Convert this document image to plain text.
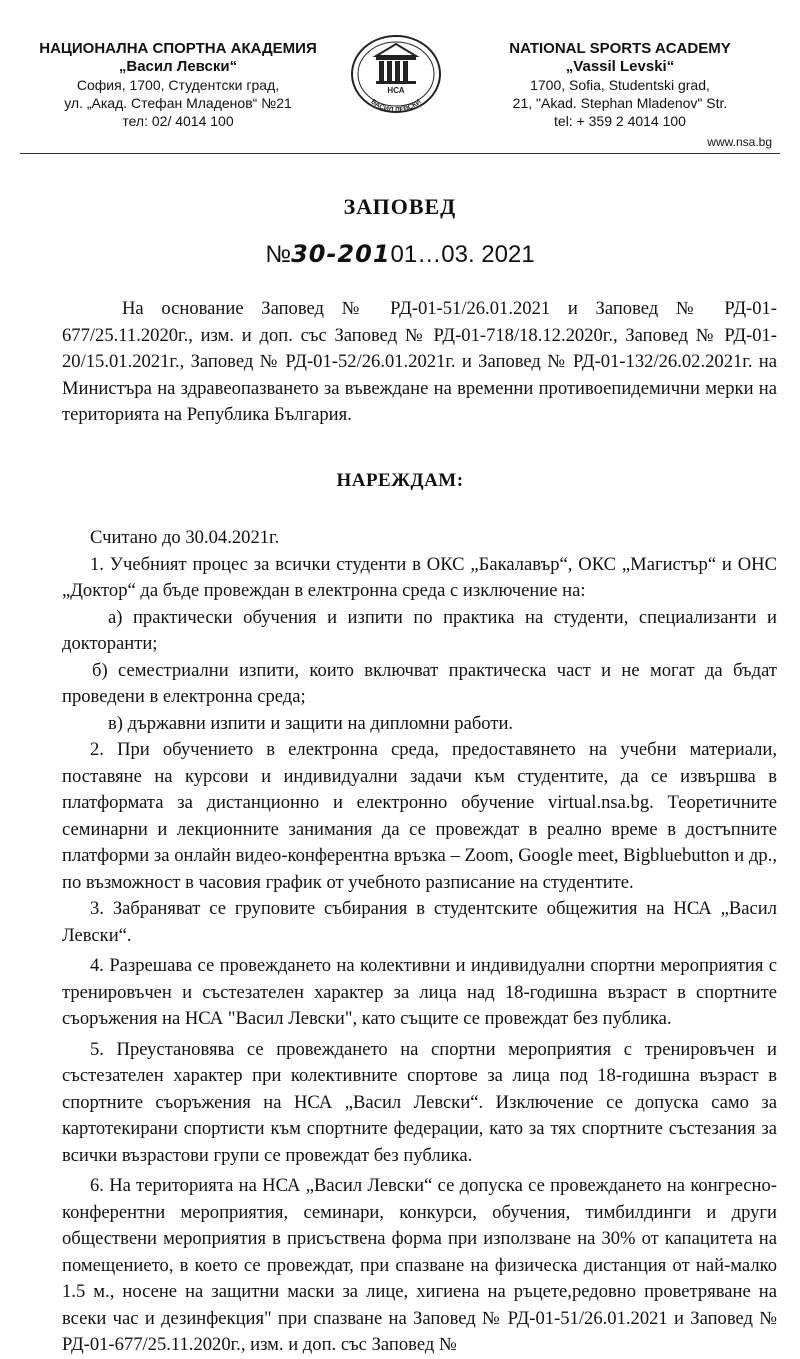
НАЦИОНАЛНА СПОРТНА АКАДЕМИЯ
„Васил Левски“
София, 1700, Студентски град,
ул. „Акад. Стефан Младенов“ №21
тел: 02/ 4014 100
НСА
ВАСИЛ ЛЕВСКИ
NATIONAL SPORTS ACADEMY
„Vassil Levski“
1700, Sofia, Studentski grad,
21, "Akad. Stephan Mladenov" Str.
tel: + 359 2 4014 100
www.nsa.bg
ЗАПОВЕД
№30-20101…03. 2021

На основание Заповед № РД-01-51/26.01.2021 и Заповед № РД-01-677/25.11.2020г., изм. и доп. със Заповед № РД-01-718/18.12.2020г., Заповед № РД-01-20/15.01.2021г., Заповед № РД-01-52/26.01.2021г. и Заповед № РД-01-132/26.02.2021г. на Министъра на здравеопазването за въвеждане на временни противоепидемични мерки на територията на Република България.

НАРЕЖДАМ:

Считано до 30.04.2021г.

1. Учебният процес за всички студенти в ОКС „Бакалавър“, ОКС „Магистър“ и ОНС „Доктор“ да бъде провеждан в електронна среда с изключение на:

а) практически обучения и изпити по практика на студенти, специализанти и докторанти;

б) семестриални изпити, които включват практическа част и не могат да бъдат проведени в електронна среда;

в) държавни изпити и защити на дипломни работи.

2. При обучението в електронна среда, предоставянето на учебни материали, поставяне на курсови и индивидуални задачи към студентите, да се извършва в платформата за дистанционно и електронно обучение virtual.nsa.bg. Теоретичните семинарни и лекционните занимания да се провеждат в реално време в достъпните платформи за онлайн видео-конферентна връзка – Zoom, Google meet, Bigbluebutton и др., по възможност в часовия график от учебното разписание на студентите.

3. Забраняват се груповите събирания в студентските общежития на НСА „Васил Левски“.

4. Разрешава се провеждането на колективни и индивидуални спортни мероприятия с тренировъчен и състезателен характер за лица над 18-годишна възраст в спортните съоръжения на НСА "Васил Левски", като същите се провеждат без публика.

5. Преустановява се провеждането на спортни мероприятия с тренировъчен и състезателен характер при колективните спортове за лица под 18-годишна възраст в спортните съоръжения на НСА „Васил Левски“. Изключение се допуска само за картотекирани спортисти към спортните федерации, като за тях спортните състезания за всички възрастови групи се провеждат без публика.

6. На територията на НСА „Васил Левски“ се допуска се провеждането на конгресно-конферентни мероприятия, семинари, конкурси, обучения, тимбилдинги и други обществени мероприятия в присъствена форма при използване на 30% от капацитета на помещението, в което се провеждат, при спазване на физическа дистанция от най-малко 1.5 м., носене на защитни маски за лице, хигиена на ръцете,редовно проветряване на всеки час и дезинфекция" при спазване на Заповед № РД-01-51/26.01.2021 и Заповед № РД-01-677/25.11.2020г., изм. и доп. със Заповед №
